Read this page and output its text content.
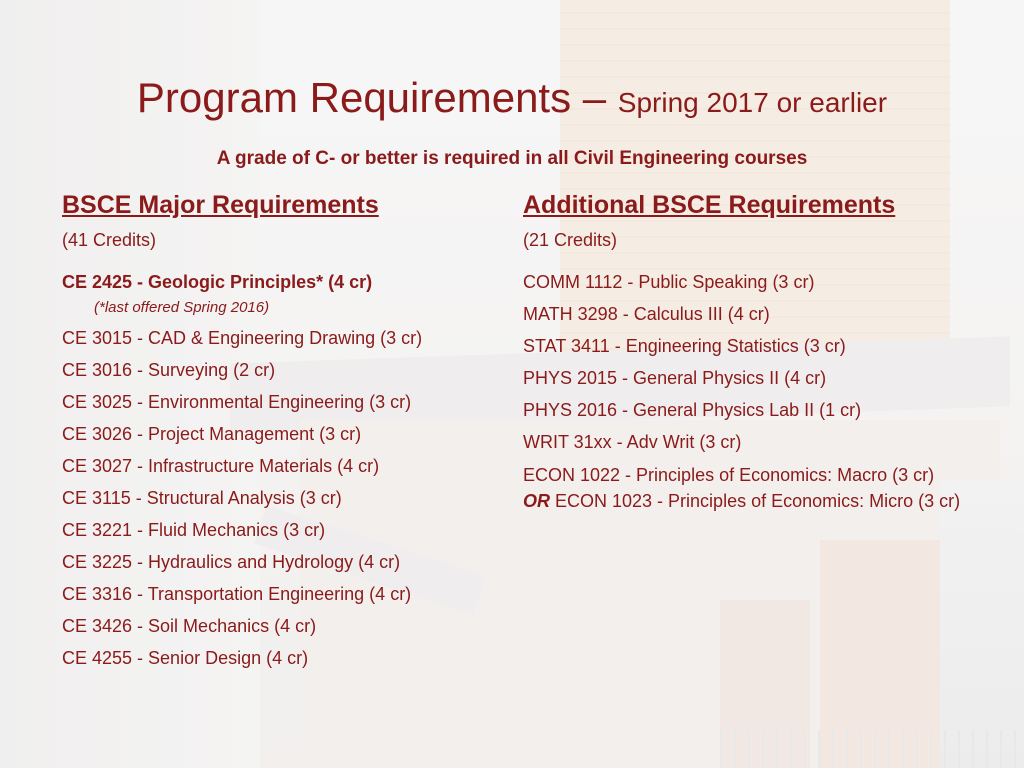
Program Requirements – Spring 2017 or earlier
A grade of C- or better is required in all Civil Engineering courses
BSCE Major Requirements
(41 Credits)
CE 2425 - Geologic Principles* (4 cr)
(*last offered Spring 2016)
CE 3015 - CAD & Engineering Drawing (3 cr)
CE 3016 - Surveying (2 cr)
CE 3025 - Environmental Engineering (3 cr)
CE 3026 - Project Management (3 cr)
CE 3027 - Infrastructure Materials (4 cr)
CE 3115 - Structural Analysis (3 cr)
CE 3221 - Fluid Mechanics (3 cr)
CE 3225 - Hydraulics and Hydrology (4 cr)
CE 3316 - Transportation Engineering (4 cr)
CE 3426 - Soil Mechanics (4 cr)
CE 4255 - Senior Design (4 cr)
Additional BSCE Requirements
(21 Credits)
COMM 1112 - Public Speaking (3 cr)
MATH 3298 - Calculus III (4 cr)
STAT 3411 - Engineering Statistics (3 cr)
PHYS 2015 - General Physics II (4 cr)
PHYS 2016 - General Physics Lab II (1 cr)
WRIT 31xx - Adv Writ (3 cr)
ECON 1022 - Principles of Economics: Macro (3 cr) OR ECON 1023 - Principles of Economics: Micro (3 cr)
